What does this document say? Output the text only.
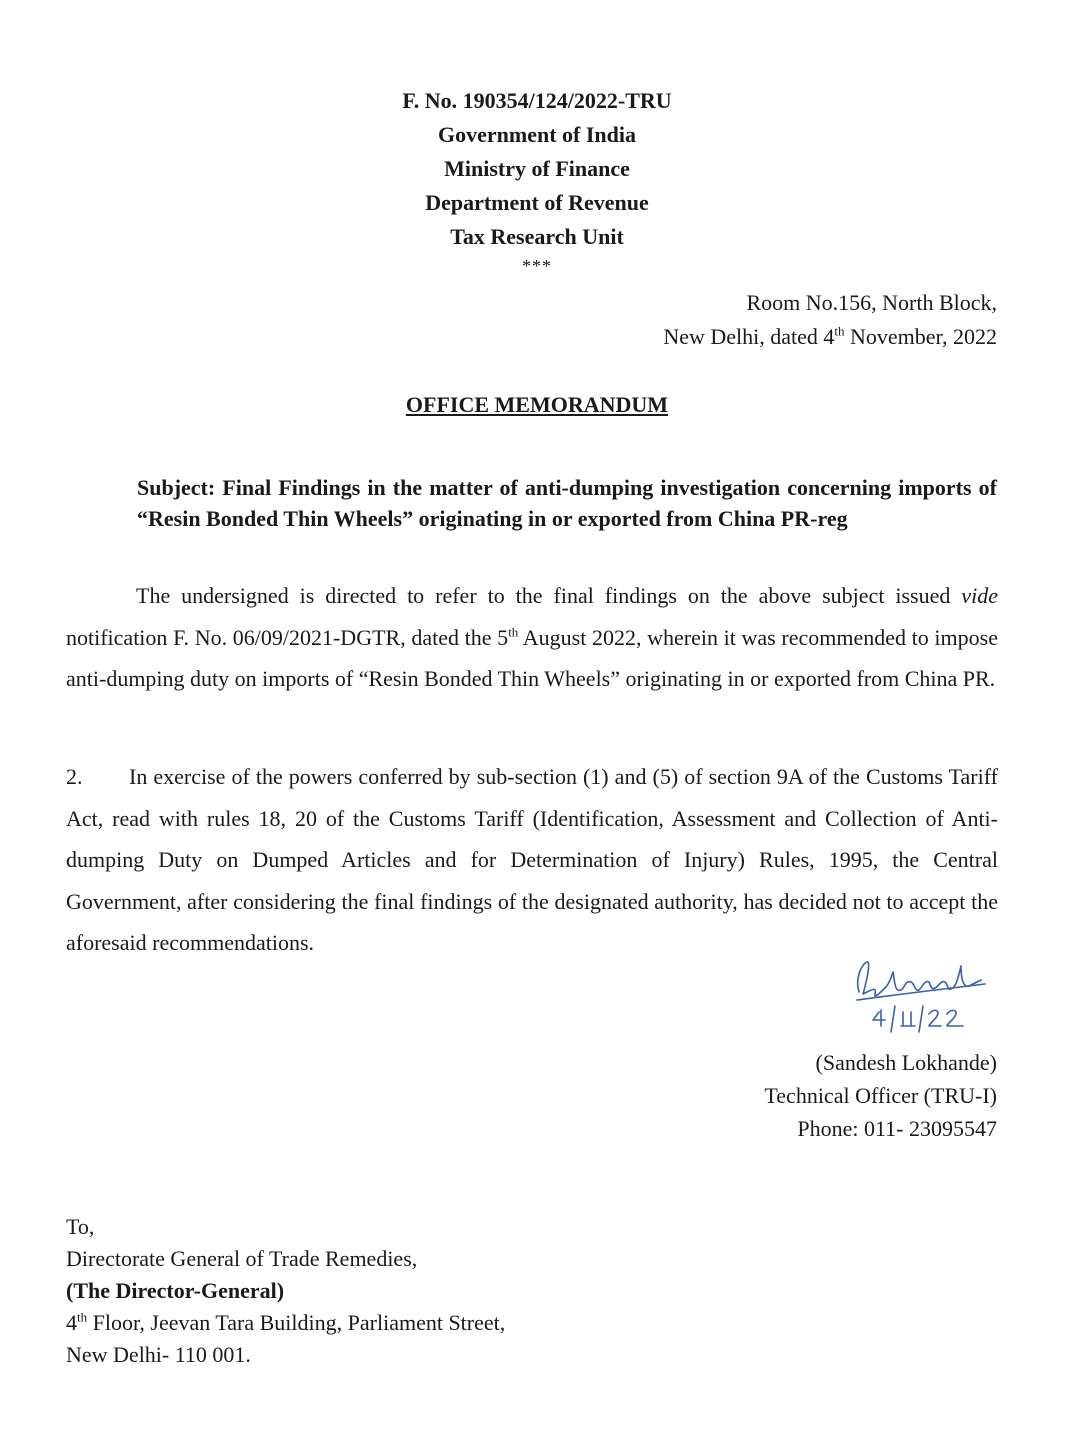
F. No. 190354/124/2022-TRU
Government of India
Ministry of Finance
Department of Revenue
Tax Research Unit
***
Room No.156, North Block,
New Delhi, dated 4th November, 2022
OFFICE MEMORANDUM
Subject: Final Findings in the matter of anti-dumping investigation concerning imports of “Resin Bonded Thin Wheels” originating in or exported from China PR-reg
The undersigned is directed to refer to the final findings on the above subject issued vide notification F. No. 06/09/2021-DGTR, dated the 5th August 2022, wherein it was recommended to impose anti-dumping duty on imports of “Resin Bonded Thin Wheels” originating in or exported from China PR.
2. In exercise of the powers conferred by sub-section (1) and (5) of section 9A of the Customs Tariff Act, read with rules 18, 20 of the Customs Tariff (Identification, Assessment and Collection of Anti-dumping Duty on Dumped Articles and for Determination of Injury) Rules, 1995, the Central Government, after considering the final findings of the designated authority, has decided not to accept the aforesaid recommendations.
(Sandesh Lokhande)
Technical Officer (TRU-I)
Phone: 011- 23095547
To,
Directorate General of Trade Remedies,
(The Director-General)
4th Floor, Jeevan Tara Building, Parliament Street,
New Delhi- 110 001.
